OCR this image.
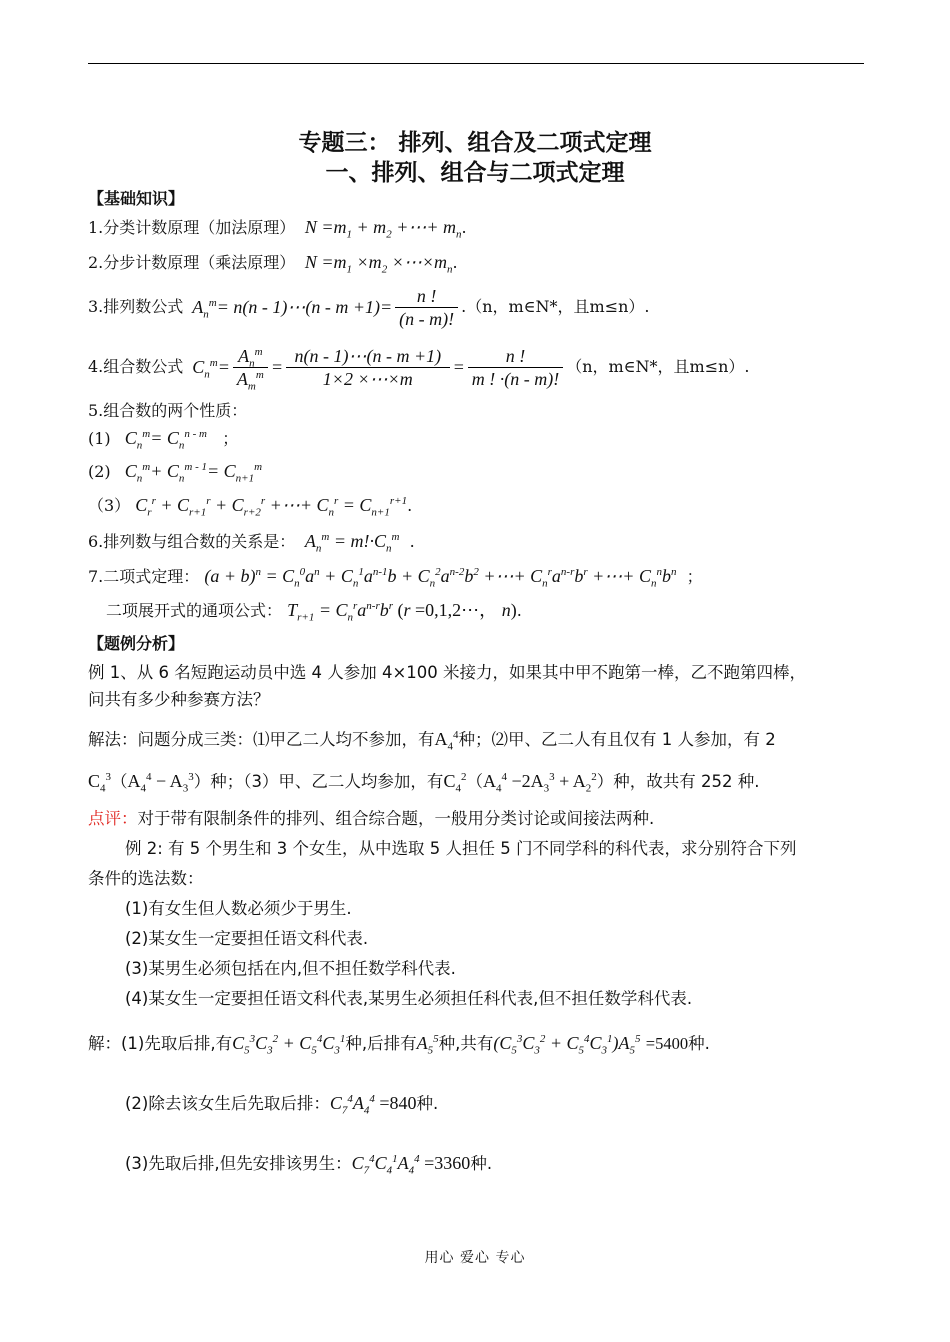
专题三： 排列、组合及二项式定理
一、排列、组合与二项式定理
【基础知识】
1.分类计数原理（加法原理）  $N =m_1 + m_2$ +⋯+ $m_n$.
2.分步计数原理（乘法原理）  $N =m_1 \times m_2$ $\times\cdots\times m_n$.
3.排列数公式 $A_n^m= n(n$ - 1)⋯(n - $m +1)= \frac{n !}{(n - m)!} .(n$，m∈N*，且m≤n）.
4.组合数公式 $C_n^m= \frac{A_n^m}{A_m^m} = \frac{n(n - 1)\cdots(n - m +1)}{1\times 2 \times\cdots\times m} = \frac{n !}{m ! \cdot(n - m)!} (n$，m∈N*，且m≤n）.
5.组合数的两个性质：
(1)   $C_n^m= C_n^{n - m}$   ；
(2)   $C_n^m+ C_n^{m - 1}= C_{n+1}^m$
（3） $C_r^r + C_{r+1}^r + C_{r+2}^r$ +⋯+ $C_n^r = C_{n+1}^{r+1}$.
6.排列数与组合数的关系是：  $A_n^m = m!\cdot C_n^m$  .
7.二项式定理： $(a + b)^n = C_n^0a^n + C_n^1a^{n-1}b + C_n^2a^{n-2}b^2$ +⋯+ $C_n^ra^{n-r}b^r$ +⋯+ $C_n^nb^n$  ；
二项展开式的通项公式： $T_{r+1} = C_n^ra^{n-r}b^r$ (r =0,1,2⋯， n).
【题例分析】
例 1、从 6 名短跑运动员中选 4 人参加 4×100 米接力，如果其中甲不跑第一棒，乙不跑第四棒，
问共有多少种参赛方法？
解法：问题分成三类：⑴甲乙二人均不参加，有$A_4^4$种；⑵甲、乙二人有且仅有 1 人参加，有 2
$C_4^3(A_4^4 - A_3^3)$种；（3）甲、乙二人均参加，有$C_4^2(A_4^4 -2A_3^3 + A_2^2)$种，故共有 252 种.
点评：对于带有限制条件的排列、组合综合题，一般用分类讨论或间接法两种.
例 2: 有 5 个男生和 3 个女生，从中选取 5 人担任 5 门不同学科的科代表，求分别符合下列
条件的选法数：
(1)有女生但人数必须少于男生.
(2)某女生一定要担任语文科代表.
(3)某男生必须包括在内,但不担任数学科代表.
(4)某女生一定要担任语文科代表,某男生必须担任科代表,但不担任数学科代表.
解：(1)先取后排,有$C_5^3C_3^2 + C_5^4C_3^1$种,后排有$A_5^5$种,共有$(C_5^3C_3^2 + C_5^4C_3^1)A_5^5 =5400$种.
(2)除去该女生后先取后排：$C_7^4A_4^4 =840$种.
(3)先取后排,但先安排该男生：$C_7^4C_4^1A_4^4 =3360$种.
用心 爱心 专心
